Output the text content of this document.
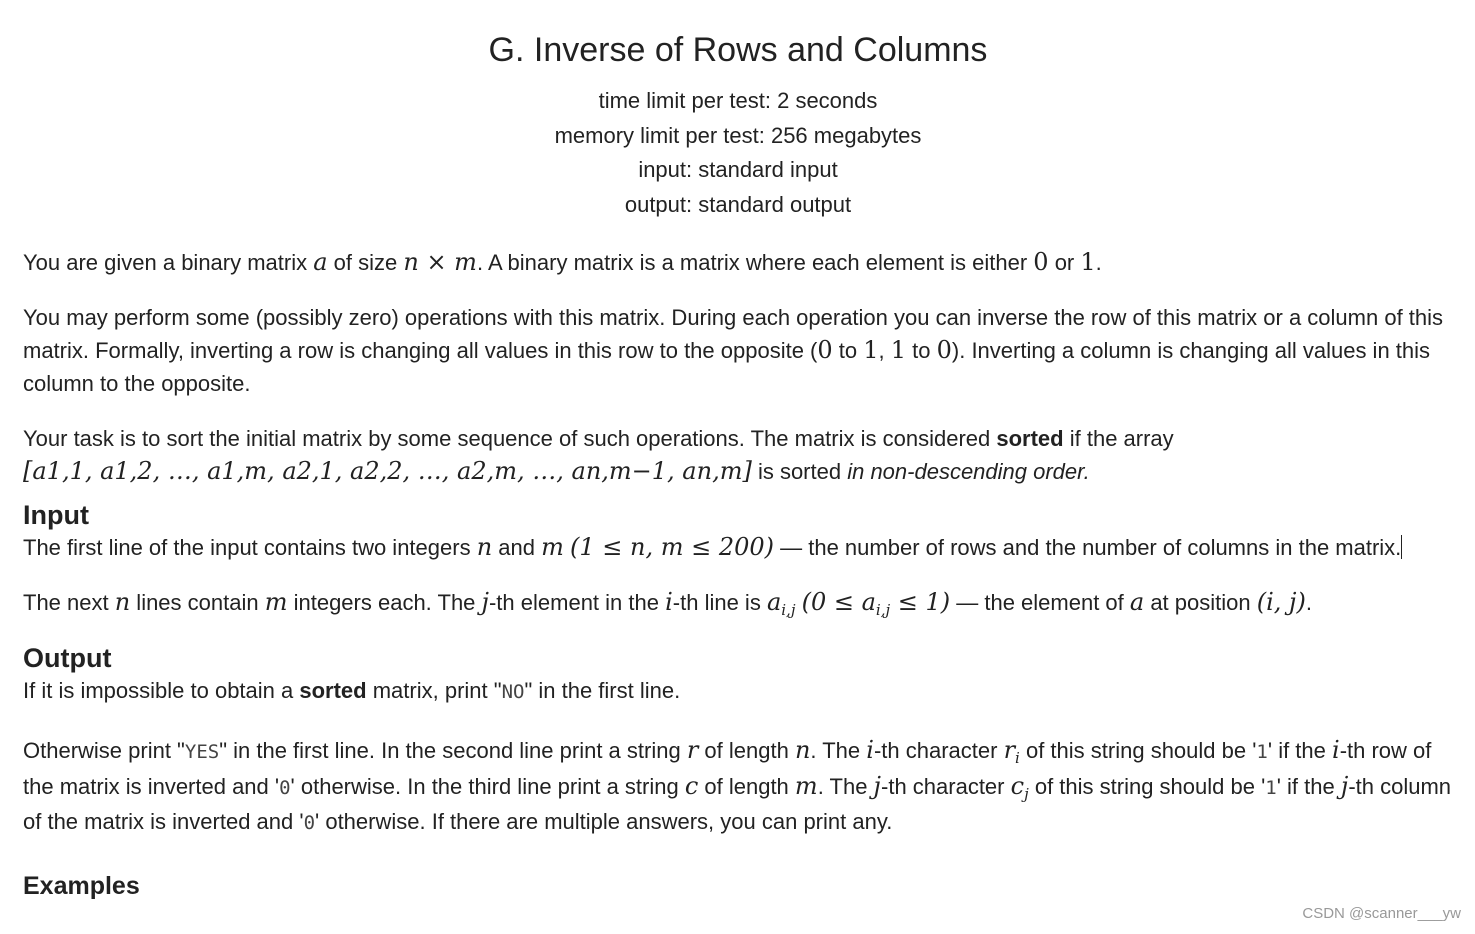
G. Inverse of Rows and Columns
time limit per test: 2 seconds
memory limit per test: 256 megabytes
input: standard input
output: standard output

You are given a binary matrix a of size n × m. A binary matrix is a matrix where each element is either 0 or 1.

You may perform some (possibly zero) operations with this matrix. During each operation you can inverse the row of this matrix or a column of this matrix. Formally, inverting a row is changing all values in this row to the opposite (0 to 1, 1 to 0). Inverting a column is changing all values in this column to the opposite.

Your task is to sort the initial matrix by some sequence of such operations. The matrix is considered sorted if the array
[a1,1, a1,2, …, a1,m, a2,1, a2,2, …, a2,m, …, an,m−1, an,m] is sorted in non-descending order.

Input

The first line of the input contains two integers n and m (1 ≤ n, m ≤ 200) — the number of rows and the number of columns in the matrix.

The next n lines contain m integers each. The j-th element in the i-th line is $a_{i,j}$ $(0 \le a_{i,j} \le 1)$ — the element of a at position (i, j).

Output

If it is impossible to obtain a sorted matrix, print "NO" in the first line.

Otherwise print "YES" in the first line. In the second line print a string r of length n. The i-th character $r_i$ of this string should be '1' if the i-th row of the matrix is inverted and '0' otherwise. In the third line print a string c of length m. The j-th character $c_j$ of this string should be '1' if the j-th column of the matrix is inverted and '0' otherwise. If there are multiple answers, you can print any.

Examples
CSDN @scanner___yw
